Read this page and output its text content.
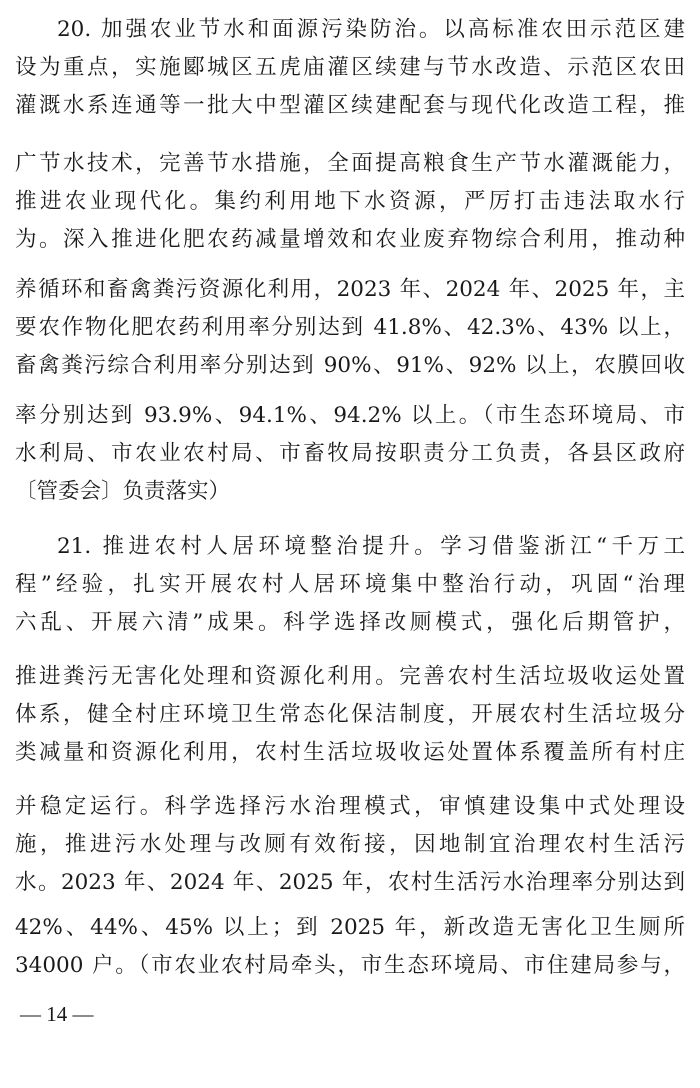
20. 加强农业节水和面源污染防治。以高标准农田示范区建
设为重点，实施郾城区五虎庙灌区续建与节水改造、示范区农田
灌溉水系连通等一批大中型灌区续建配套与现代化改造工程，推
广节水技术，完善节水措施，全面提高粮食生产节水灌溉能力，
推进农业现代化。集约利用地下水资源，严厉打击违法取水行
为。深入推进化肥农药减量增效和农业废弃物综合利用，推动种
养循环和畜禽粪污资源化利用，2023 年、2024 年、2025 年，主
要农作物化肥农药利用率分别达到 41.8%、42.3%、43% 以上，
畜禽粪污综合利用率分别达到 90%、91%、92% 以上，农膜回收
率分别达到 93.9%、94.1%、94.2% 以上。（市生态环境局、市
水利局、市农业农村局、市畜牧局按职责分工负责，各县区政府
〔管委会〕负责落实）
21. 推进农村人居环境整治提升。学习借鉴浙江“千万工
程”经验，扎实开展农村人居环境集中整治行动，巩固“治理
六乱、开展六清”成果。科学选择改厕模式，强化后期管护，
推进粪污无害化处理和资源化利用。完善农村生活垃圾收运处置
体系，健全村庄环境卫生常态化保洁制度，开展农村生活垃圾分
类减量和资源化利用，农村生活垃圾收运处置体系覆盖所有村庄
并稳定运行。科学选择污水治理模式，审慎建设集中式处理设
施，推进污水处理与改厕有效衔接，因地制宜治理农村生活污
水。2023 年、2024 年、2025 年，农村生活污水治理率分别达到
42%、44%、45% 以上；到 2025 年，新改造无害化卫生厕所
34000 户。（市农业农村局牵头，市生态环境局、市住建局参与，
— 14 —
